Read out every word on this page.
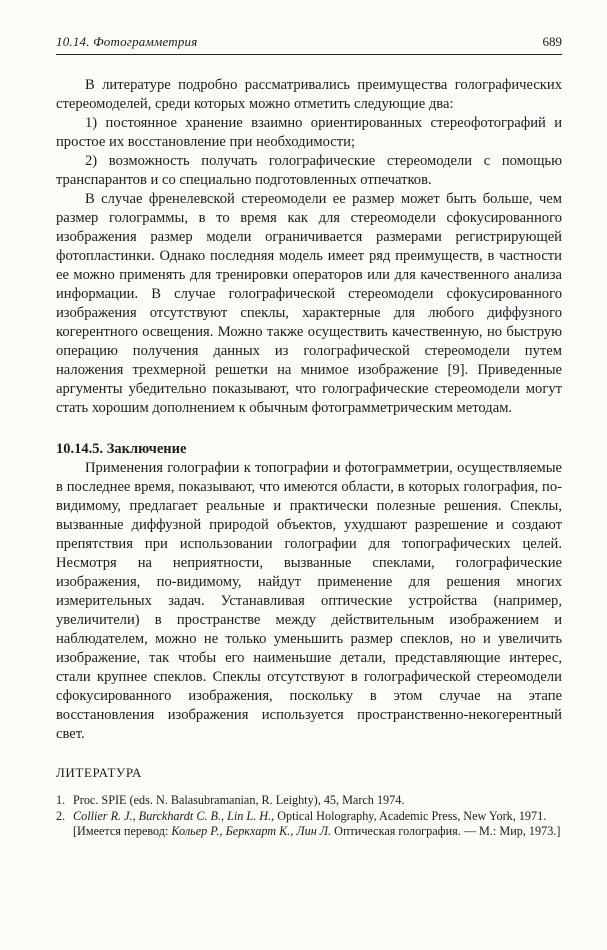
10.14. Фотограмметрия	689

В литературе подробно рассматривались преимущества голографических стереомоделей, среди которых можно отметить следующие два:

1) постоянное хранение взаимно ориентированных стереофотографий и простое их восстановление при необходимости;

2) возможность получать голографические стереомодели с помощью транспарантов и со специально подготовленных отпечатков.

В случае френелевской стереомодели ее размер может быть больше, чем размер голограммы, в то время как для стереомодели сфокусированного изображения размер модели ограничивается размерами регистрирующей фотопластинки. Однако последняя модель имеет ряд преимуществ, в частности ее можно применять для тренировки операторов или для качественного анализа информации. В случае голографической стереомодели сфокусированного изображения отсутствуют спеклы, характерные для любого диффузного когерентного освещения. Можно также осуществить качественную, но быструю операцию получения данных из голографической стереомодели путем наложения трехмерной решетки на мнимое изображение [9]. Приведенные аргументы убедительно показывают, что голографические стереомодели могут стать хорошим дополнением к обычным фотограмметрическим методам.

10.14.5. Заключение

Применения голографии к топографии и фотограмметрии, осуществляемые в последнее время, показывают, что имеются области, в которых голография, по-видимому, предлагает реальные и практически полезные решения. Спеклы, вызванные диффузной природой объектов, ухудшают разрешение и создают препятствия при использовании голографии для топографических целей. Несмотря на неприятности, вызванные спеклами, голографические изображения, по-видимому, найдут применение для решения многих измерительных задач. Устанавливая оптические устройства (например, увеличители) в пространстве между действительным изображением и наблюдателем, можно не только уменьшить размер спеклов, но и увеличить изображение, так чтобы его наименьшие детали, представляющие интерес, стали крупнее спеклов. Спеклы отсутствуют в голографической стереомодели сфокусированного изображения, поскольку в этом случае на этапе восстановления изображения используется пространственно-некогерентный свет.

ЛИТЕРАТУРА
1. Proc. SPIE (eds. N. Balasubramanian, R. Leighty), 45, March 1974.
2. Collier R. J., Burckhardt C. B., Lin L. H., Optical Holography, Academic Press, New York, 1971. [Имеется перевод: Кольер Р., Беркхарт К., Лин Л. Оптическая голография. — М.: Мир, 1973.]
